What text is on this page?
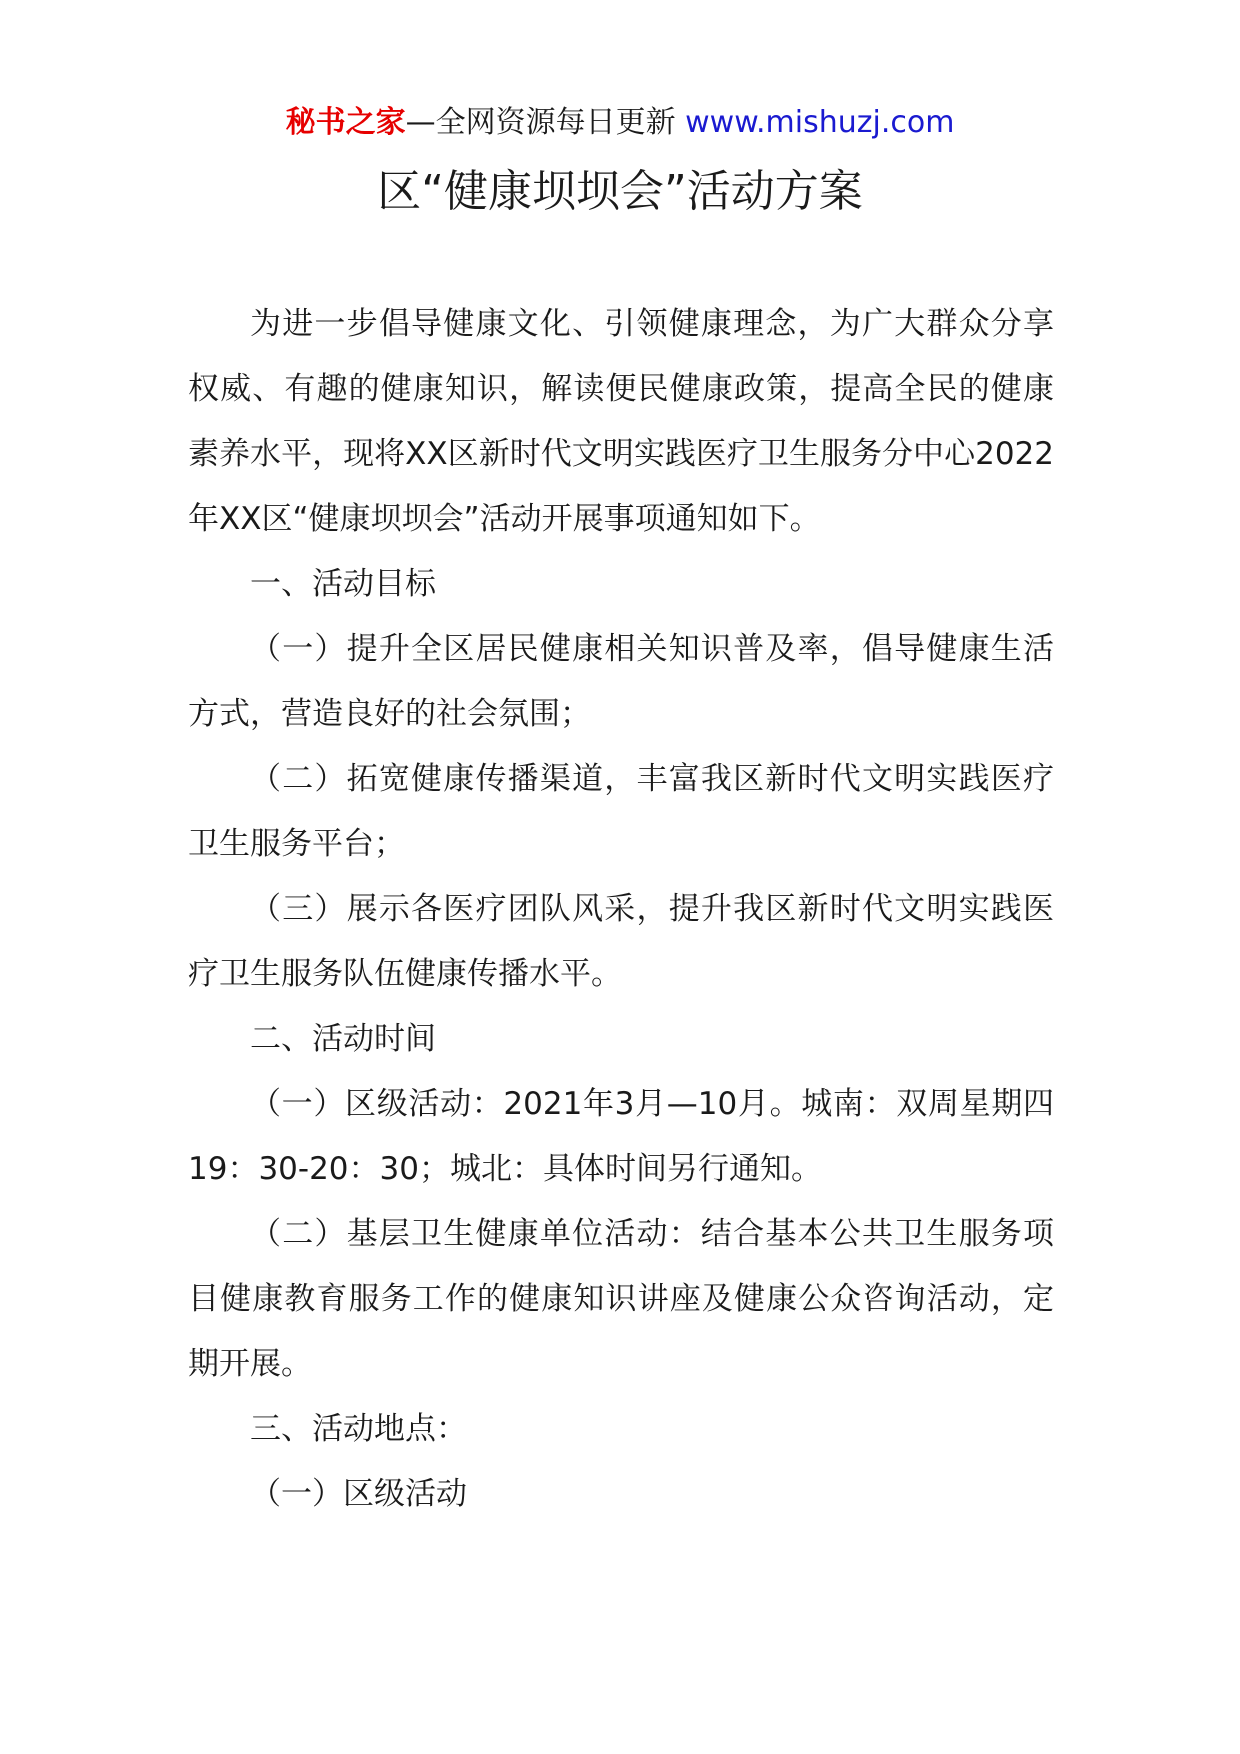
秘书之家—全网资源每日更新 www.mishuzj.com
区“健康坝坝会”活动方案

为进一步倡导健康文化、引领健康理念，为广大群众分享权威、有趣的健康知识，解读便民健康政策，提高全民的健康素养水平，现将XX区新时代文明实践医疗卫生服务分中心2022年XX区“健康坝坝会”活动开展事项通知如下。

一、活动目标

（一）提升全区居民健康相关知识普及率，倡导健康生活方式，营造良好的社会氛围；

（二）拓宽健康传播渠道，丰富我区新时代文明实践医疗卫生服务平台；

（三）展示各医疗团队风采，提升我区新时代文明实践医疗卫生服务队伍健康传播水平。

二、活动时间

（一）区级活动：2021年3月—10月。城南：双周星期四19：30-20：30；城北：具体时间另行通知。

（二）基层卫生健康单位活动：结合基本公共卫生服务项目健康教育服务工作的健康知识讲座及健康公众咨询活动，定期开展。

三、活动地点：

（一）区级活动
